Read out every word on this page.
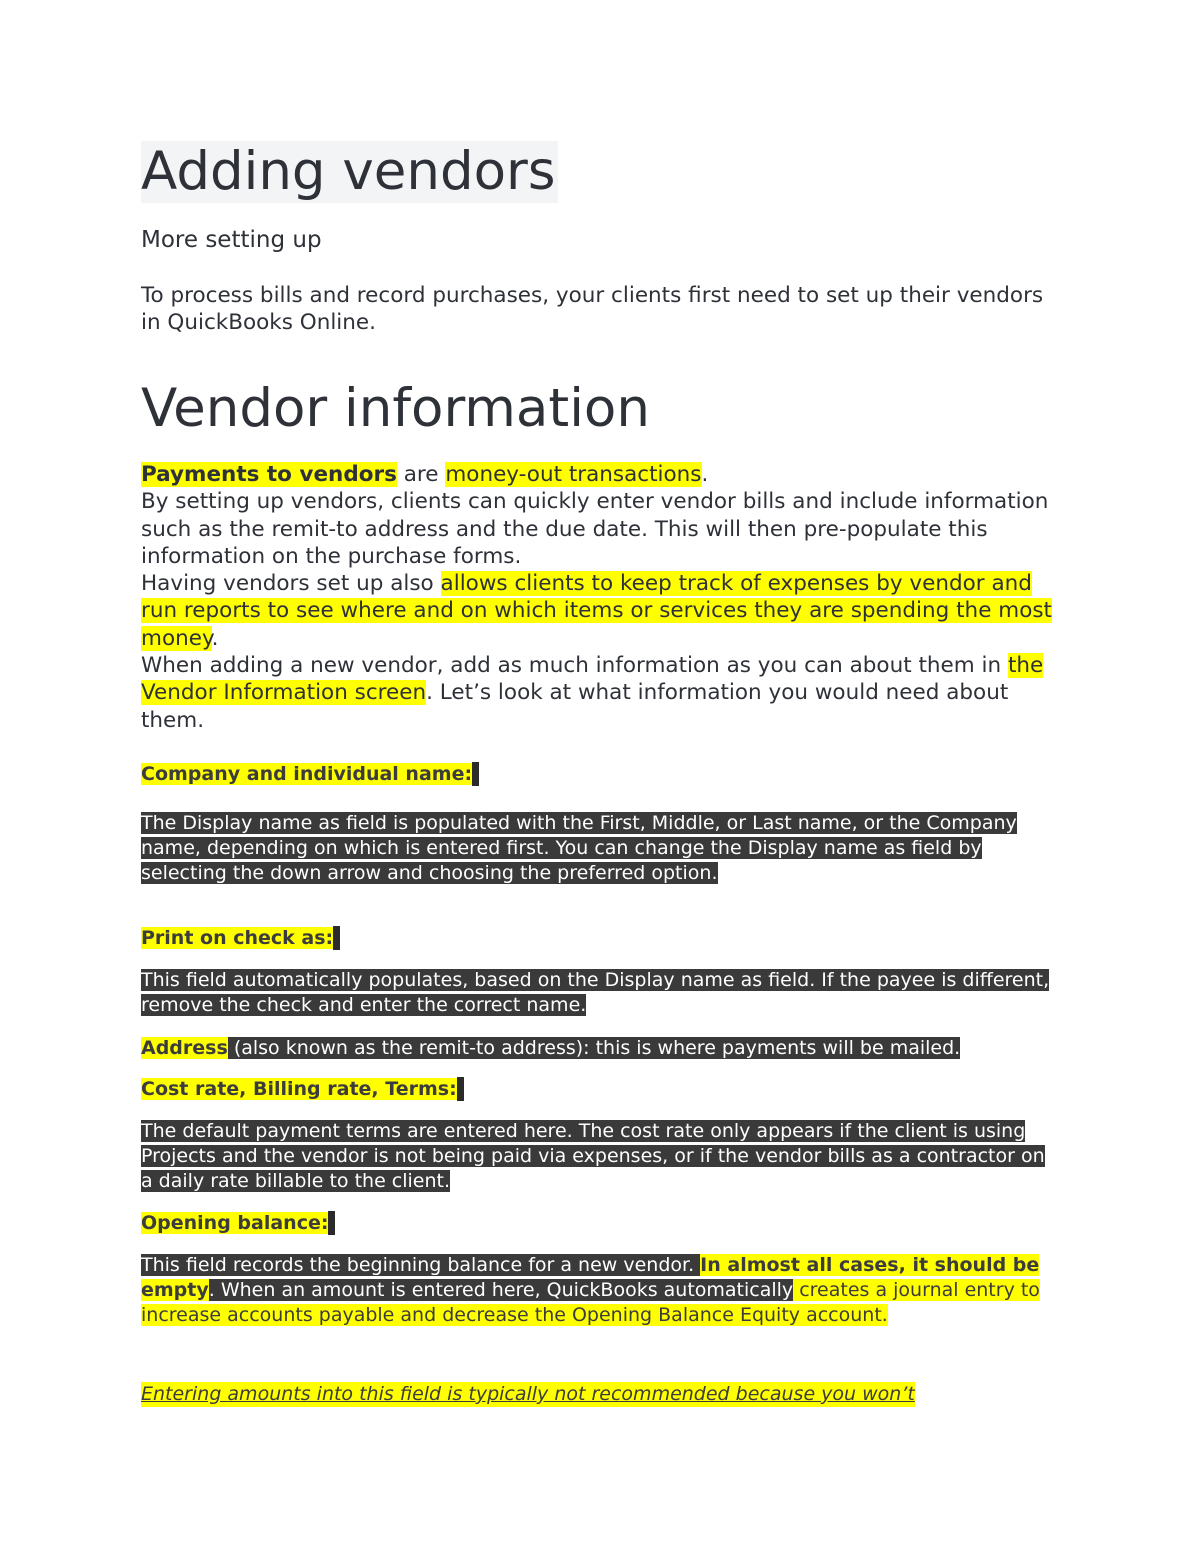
Adding vendors
More setting up
To process bills and record purchases, your clients first need to set up their vendors in QuickBooks Online.
Vendor information

Payments to vendors are money-out transactions.

By setting up vendors, clients can quickly enter vendor bills and include information such as the remit-to address and the due date. This will then pre-populate this information on the purchase forms.

Having vendors set up also allows clients to keep track of expenses by vendor and run reports to see where and on which items or services they are spending the most money.

When adding a new vendor, add as much information as you can about them in the Vendor Information screen. Let’s look at what information you would need about them.

Company and individual name:
The Display name as field is populated with the First, Middle, or Last name, or the Company name, depending on which is entered first. You can change the Display name as field by selecting the down arrow and choosing the preferred option.
Print on check as:
This field automatically populates, based on the Display name as field. If the payee is different, remove the check and enter the correct name.
Address (also known as the remit-to address): this is where payments will be mailed.
Cost rate, Billing rate, Terms:
The default payment terms are entered here. The cost rate only appears if the client is using Projects and the vendor is not being paid via expenses, or if the vendor bills as a contractor on a daily rate billable to the client.
Opening balance:
This field records the beginning balance for a new vendor. In almost all cases, it should be empty. When an amount is entered here, QuickBooks automatically creates a journal entry to increase accounts payable and decrease the Opening Balance Equity account.
Entering amounts into this field is typically not recommended because you won’t
